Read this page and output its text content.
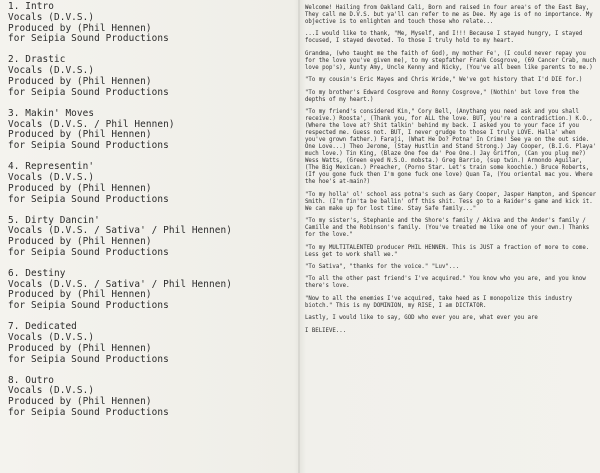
1. Intro
Vocals (D.V.S.)
Produced by (Phil Hennen)
for Seipia Sound Productions
2. Drastic
Vocals (D.V.S.)
Produced by (Phil Hennen)
for Seipia Sound Productions
3. Makin' Moves
Vocals (D.V.S. / Phil Hennen)
Produced by (Phil Hennen)
for Seipia Sound Productions
4. Representin'
Vocals (D.V.S.)
Produced by (Phil Hennen)
for Seipia Sound Productions
5. Dirty Dancin'
Vocals (D.V.S. / Sativa' / Phil Hennen)
Produced by (Phil Hennen)
for Seipia Sound Productions
6. Destiny
Vocals (D.V.S. / Sativa' / Phil Hennen)
Produced by (Phil Hennen)
for Seipia Sound Productions
7. Dedicated
Vocals (D.V.S.)
Produced by (Phil Hennen)
for Seipia Sound Productions
8. Outro
Vocals (D.V.S.)
Produced by (Phil Hennen)
for Seipia Sound Productions

Welcome! Hailing from Oakland Cali, Born and raised in four area's of the East Bay, They call me D.V.S. but ya'll can refer to me as Dee. My age is of no importance. My objective is to enlighten and touch those who relate...

...I would like to thank, "Me, Myself, and I!!! Because I stayed hungry, I stayed focused, I stayed devoted. To those I truly hold to my heart.

Grandma, (who taught me the faith of God), my mother Fe', (I could never repay you for the love you've given me), to my stepfather Frank Cosgrove, (69 Cancer Crab, much love pop's), Aunty Amy, Uncle Kenny and Nicky, (You've all been like parents to me.)

"To my cousin's Eric Mayes and Chris Wride," We've got history that I'd DIE for.)

"To my brother's Edward Cosgrove and Ronny Cosgrove," (Nothin' but love from the depths of my heart.)

"To my friend's considered Kin," Cory Bell, (Anythang you need ask and you shall receive.) Roosta', (Thank you, for ALL the love. BUT, you're a contradiction.) K.O., (Where the love at? Shit talkin' behind my back. I asked you to your face if you respected me. Guess not. BUT, I never grudge to those I truly LOVE. Halla' when you've grown father.) Faraji, (What He Do? Potna' In Crime! See ya on the out side. One Love...) Theo Jerome, (Stay Hustlin and Stand Strong.) Jay Cooper, (B.I.G. Playa' much love.) Tin King, (Blaze One foe da' Poe One.) Jay Griffon, (Can you plug me?) Wess Watts, (Green eyed N.S.O. mobsta.) Greg Barrio, (sup twin.) Armondo Aguilar, (The Big Mexican.) Preacher, (Porno Star. Let's train some koochie.) Bruce Roberts, (If you gone fuck then I'm gone fuck one love) Quan Ta, (You oriental mac you. Where the hoe's at-main?)

"To my holla' ol' school ass potna's such as Gary Cooper, Jasper Hampton, and Spencer Smith. (I'm fin'ta be ballin' off this shit. Tess go to a Raider's game and kick it. We can make up for lost time. Stay Safe family..."

"To my sister's, Stephanie and the Shore's family / Akiva and the Ander's family / Camille and the Robinson's family. (You've treated me like one of your own.) Thanks for the love."

"To my MULTITALENTED producer PHIL HENNEN. This is JUST a fraction of more to come. Less get to work shall we."

"To Sativa", "thanks for the voice." "Luv"...

"To all the other past friend's I've acquired." You know who you are, and you know there's love.

"Now to all the enemies I've acquired, take heed as I monopolize this industry biotch." This is my DOMINION, my RISE, I am DICTATOR.

Lastly, I would like to say, GOD who ever you are, what ever you are

I BELIEVE...
